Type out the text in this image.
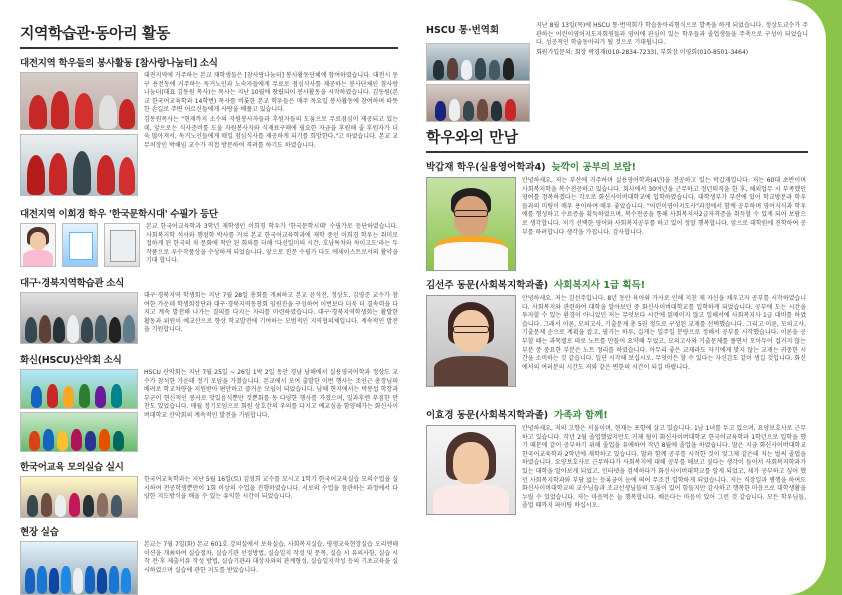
지역학습관·동아리 활동
대전지역 학우들의 봉사활동 [참사랑나눔터] 소식

대전지역에 거주하는 본교 재학생들은 [참사랑나눔터] 봉사활동단체에 참여하였습니다. 대전시 동구 용전동에 거주하는 독거노인과 노숙자들에게 무료로 점심식사를 제공하는 봉사단체인 참사랑나눔터(대표 김동원 목사)는 목사는 지난 10월에 창립되어 봉사활동을 시작하였습니다. 김동원(본교 한국어교육학과 14학번) 목사를 비롯한 본교 학우들은 매주 목요일 봉사활동에 참여하며 따뜻한 손길로 주변 어르신들에게 사랑을 베풀고 있습니다.

김동원목사는 "현재까지 소수의 자원봉사자들과 후원자들의 도움으로 무료점심이 제공되고 있는데, 앞으로는 식사준비를 도울 자원봉사자와 식재료구매에 필요한 자금을 후원해 줄 후원자가 더욱 많아져서, 독거노인들에게 매일 점심식사를 제공하게 되기를 희망한다."고 하였습니다. 본교 교무처장인 박해임 교수가 직접 방문하여 격려를 하기도 하였습니다.

대전지역 이희경 학우 '한국문학시대' 수필가 등단

본교 한국어교육학과 3학년 재학생인 이희경 학우가 '한국문학시대' 수필가로 등단하였습니다. 사회복지학 석사와 행정학 박사를 거쳐 본교 한국어교육학과에 재학 중인 이희경 학우는 취미로 접하게 된 한국의 차 문화에 착안 된 회의를 더해 '다선일미의 시간, 호남특차와 차이고도'라는 두 작품으로 우수작품상을 수상하게 되었습니다. 앞으로 전문 수필가 다도 에세이스트로서의 활약을 기대 합니다.

대구·경북지역학습관 소식

대구·경북지역 학생회는 지난 7월 28일 총회를 개최하고 본교 윤석진, 정상도, 김영준 교수가 참여한 가운데 학생회장단과 대구·경북지역동창회 임원진을 구성하여 이번보다 더욱 더 결속력을 다지고 계속 발전해 나가는 결의를 다지는 자리를 마련하였습니다. 대구·경북지역학생회는 활발한 활동과 위원이 예교산으로 향상 학교발전에 기여하는 모범적인 지역협의체입니다. 계속적인 발전을 기원합니다.

화신(HSCU)산악회 소식

HSCU 산악회는 지난 7월 25일 ~ 26일 1박 2일 동안 경남 남해에서 실용영국어학과 정상도 교수가 참석한 가운데 정기 모임을 가졌습니다. 본교에서 모여 출발한 이번 행사는 조인근 총장님의 배려로 학교차량을 지원받아 편안하고 즐거운 모임이 되었습니다. 남해 현지에서는 박봉섭 학장과 부군이 현신적인 봉사로 맛있음식뿐만 것뿐회를 동 다양한 행사를 가졌으며, 일과후엔 푸짐한 만찬도 있었습니다. 매월 정기모임으로 회원 상호간의 우의를 다지고 예교심을 함양해가는 화신사이버대학교 산악회의 계속적인 발전을 기원합니다.

한국어교육 모의실습 실시

한국어교육학과는 지난 5월 16일(토) 김영희 교수를 모시고 1학기 한국어교육실습 모의수업을 실시하여 전공학생뿐만이 1회 이상의 수업을 진행하였습니다. 서로의 수업을 참관하는 과정에서 다양한 지도방식을 배울 수 있는 유익한 시간이 되었습니다.

현장 실습

본교는 7월 7일(화) 본교 601호 강의실에서 보육실습, 사회복지실습, 평생교육현장실습 오리엔테이션을 개최하여 실습절차, 실습기관 선정방법, 실습일지 작성 및 문목, 실습 시 유의사항, 실습 시작 전·후 제출서류 작성 방법, 실습기관과 대상자와의 관계형성, 실습일지작성 등의 기초교육을 실시하였으며 실습에 관한 지도를 받았습니다.

HSCU 통·번역회	지난 8월 13일(목)에 HSCU 통·번역회가 학습동아리형식으로 발족을 하게 되었습니다. 정상도교수가 주관하는 어린이영어지도자회원들과 영어에 관심이 있는 학우들과 졸업생들을 주축으로 구성이 되었습니다. 성공적인 학술동아리가 될 것으로 기대됩니다.

회원가입문의: 회장 박경재(010-2834-7233), 부회장 이영희(010-8501-3464)

학우와의 만남
박갑재 학우(실용영어학과4) 늦깍이 공부의 보람!

안녕하세요, 저는 부산에 거주하며 실용영어학과(4년)을 전공하고 있는 박갑재입니다. 저는 60대 초반이며 사회복지학을 복수전공하고 있습니다. 회사에서 30여년을 근무하고 정년퇴직을 한 후, 해외업무 시 부족했던 영어를 정복하겠다는 각오로 화신사이버대학교에 입학하였습니다. 대학생부가 부산에 있어 학교방문과 학우들과의 미팅이 매우 용이하여 매우 좋았습니다. "어린이영어지도사"과정에서 함께 공부하며 영어지식과 학우애를 형성하고 수료증을 획득하였으며, 복수전공을 통해 사회복지사2급자격증을 취득할 수 있게 되어 보람으로 생각합니다. 저기 선택한 영어와 사회복지공부를 하고 있어 정말 행복합니다. 앞으로 대학원에 진학하여 공부를 하려합니다 생각을 가집니다. 감사합니다.

김선주 동문(사회복지학과졸) 사회복지사 1급 획득!

안녕하세요. 저는 김선주입니다. 8년 동안 육아와 가사로 인해 지친 제 자신을 채우고자 공부를 시작하였습니다. 사회복지와 관련하여 대학을 알아보던 중 화신사이버대학교를 입학하게 되었습니다. 공부에 도는 시간을 투자할 수 있는 환경이 아니었던 저는 무엇보다 시간에 얽매이지 않고 일해서에 사회복지사 1급 대비를 하였습니다. 그래서 이론, 모의고사, 기출문제 총 5권 정도로 구성된 교재를 선택했습니다. 그리고 이론, 모의고사, 기출문제 순으로 계획을 잡고, 필기는 하루, 길게는 일주일 분량으로 정해서 공부를 시작했습니다. 이론을 공부할 때는 과목별로 따로 노트를 만들어 요약해 두었고, 모의고사와 기출문제를 풀면서 모아두어 접거지 않는 부분 중 중요한 부분은 노트 정리를 하였습니다. 아무리 좋은 교재라도 자기에게 맞지 않는 교재는 귀중한 시간을 소비하는 것 같습니다. 일단 시작해 보십시오. 무엇이든 할 수 있다는 자신감도 같이 생길 것입니다. 화신에서의 여러분의 시간도 저와 같은 변한의 시간이 되길 바랍니다.

이효경 동문(사회복지학과졸) 가족과 함께!

안녕하세요, 저의 고향은 서울이며, 현재는 포항에 살고 있습니다. 1남 1녀를 두고 있으며, 요양보호사로 근무하고 있습니다. 작년 2월 졸업했었지만도 거제 될이 화신사이버대학교 한국어교육학과 1학년으로 입학을 했기 때문에 같이 공부하기 위해 졸업을 유예하여 작년 8월에 졸업을 하였습니다. 딸은 지금 화신사이버대학교 한국어교육학과 2학년에 재학하고 있습니다. 딸과 함께 공부를 시작한 것이 엊그제 같은데 저는 벌써 졸업을 하였습니다. 요양보호사로 근무하다가 사회복지에 대해 공부를 해보고 싶다는 생각이 들어서 사회복지학과가 있는 대학을 알아보게 되었고, 인터넷을 검색하다가 화신사이버대학교를 알게 되었고, 제가 공부하고 싶어 했던 사회복지학과와 부담 없는 등록금이 눈에 띄어 무조건 입학하게 되었습니다. 저는 직장일과 병행을 하여도 화신사이버대학교의 교수님들과 조교선생님들의 도움이 있어 힘들지만 감사하고 행복한 마음으로 대학생활을 누릴 수 있었습니다. 저는 마음먹은 늘 행복합니다. 배운다는 마음이 있어 그런 것 같습니다. 모든 학우님들, 졸업 때까지 파이팅 하십시오.
